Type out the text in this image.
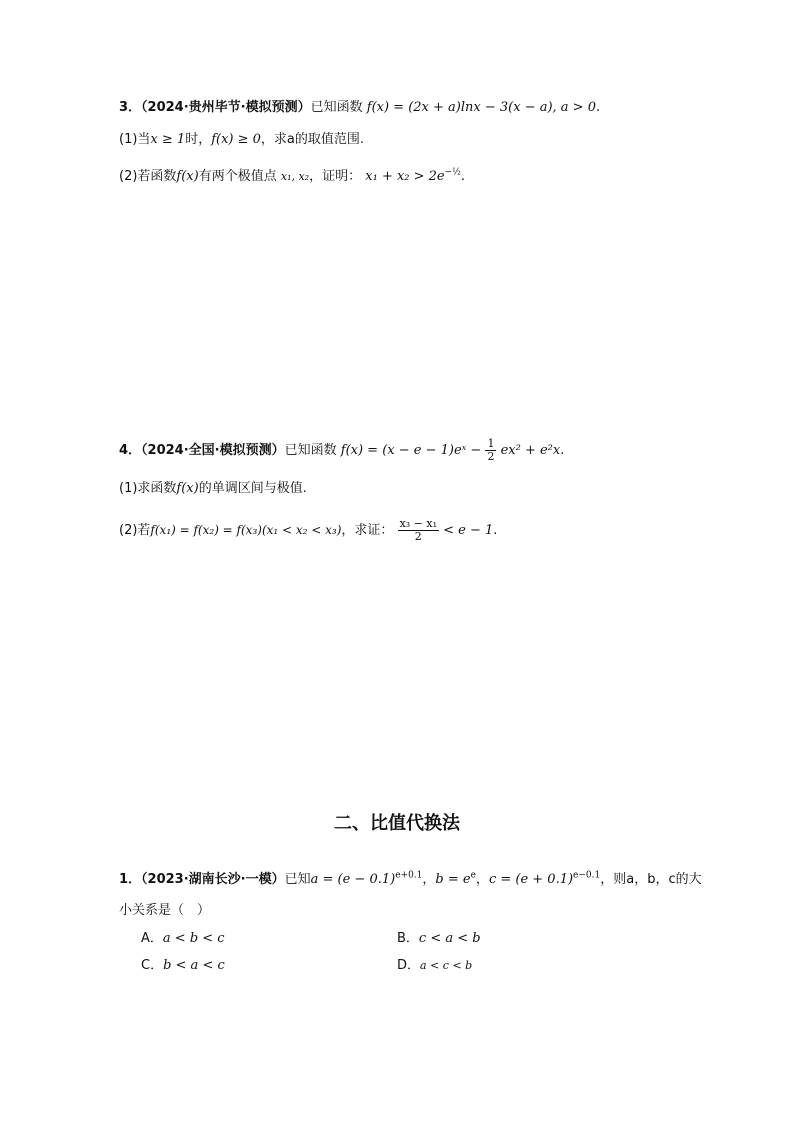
3．（2024·贵州毕节·模拟预测）已知函数 f(x) = (2x + a)lnx − 3(x − a), a > 0.
(1)当x ≥ 1时，f(x) ≥ 0，求a的取值范围.
(2)若函数f(x)有两个极值点 x₁, x₂，证明： $x_1 + x_2 > 2e^{-\frac{1}{2}}$.
4．（2024·全国·模拟预测）已知函数 f(x) = (x − e − 1)eˣ − $\frac{1}{2} ex^2 + e^2x$.
(1)求函数f(x)的单调区间与极值.
(2)若f(x₁) = f(x₂) = f(x₃)(x₁ < x₂ < x₃)，求证： $\frac{\text{x₃ − x₁}}{2} < e - 1$.
二、比值代换法
1．（2023·湖南长沙·一模）已知$a = (e - 0.1)^{e+0.1}$，$b = e^e$，$c = (e + 0.1)^{e-0.1}$，则a，b，c的大
小关系是（　）
A．a < b < c	B．c < a < b
C．b < a < c	D．a < c < b
